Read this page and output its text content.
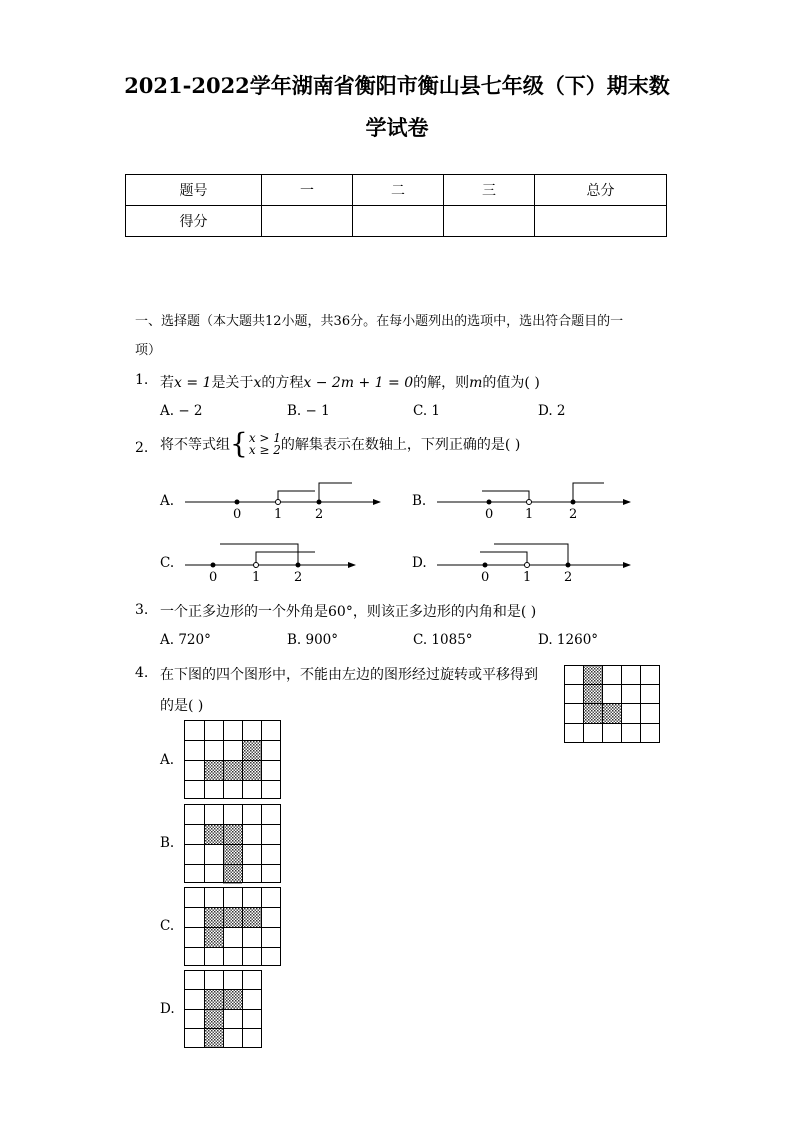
2021-2022学年湖南省衡阳市衡山县七年级（下）期末数
学试卷
题号	一	二	三	总分
得分				
一、选择题（本大题共12小题，共36分。在每小题列出的选项中，选出符合题目的一
项）
1. 若x = 1是关于x的方程x − 2m + 1 = 0的解，则m的值为( )
A. − 2	B. − 1	C. 1	D. 2
2. 将不等式组{ x > 1
x ≥ 2 的解集表示在数轴上，下列正确的是( )
A.
0	1	2
B.
0 1	2
C.
0	1	2
D.
0	1	2
3. 一个正多边形的一个外角是60°，则该正多边形的内角和是( )
A. 720°	B. 900°	C. 1085°	D. 1260°
4. 在下图的四个图形中，不能由左边的图形经过旋转或平移得到
的是( )
A.
B.
C.
D.
